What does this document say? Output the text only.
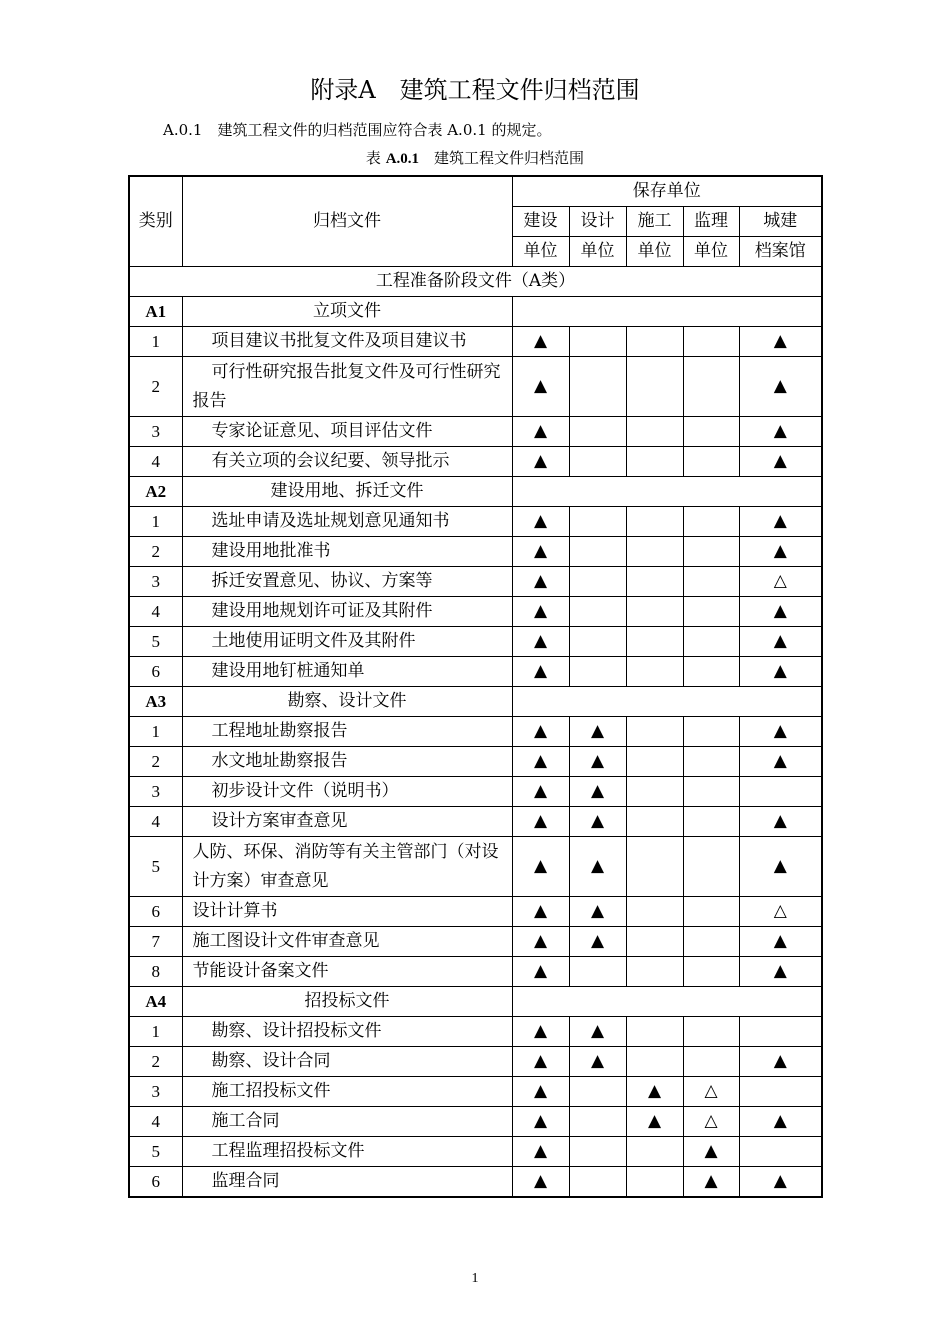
附录A　建筑工程文件归档范围
A.0.1　建筑工程文件的归档范围应符合表 A.0.1 的规定。
表 A.0.1　建筑工程文件归档范围
类别	归档文件	保存单位				
		建设	设计	施工	监理	城建
		单位	单位	单位	单位	档案馆
工程准备阶段文件（A类）						
A1	立项文件					
1	项目建议书批复文件及项目建议书	▲				▲
2	可行性研究报告批复文件及可行性研究报告	▲				▲
3	专家论证意见、项目评估文件	▲				▲
4	有关立项的会议纪要、领导批示	▲				▲
A2	建设用地、拆迁文件					
1	选址申请及选址规划意见通知书	▲				▲
2	建设用地批准书	▲				▲
3	拆迁安置意见、协议、方案等	▲				△
4	建设用地规划许可证及其附件	▲				▲
5	土地使用证明文件及其附件	▲				▲
6	建设用地钉桩通知单	▲				▲
A3	勘察、设计文件					
1	工程地址勘察报告	▲	▲			▲
2	水文地址勘察报告	▲	▲			▲
3	初步设计文件（说明书）	▲	▲			
4	设计方案审查意见	▲	▲			▲
5	人防、环保、消防等有关主管部门（对设计方案）审查意见	▲	▲			▲
6	设计计算书	▲	▲			△
7	施工图设计文件审查意见	▲	▲			▲
8	节能设计备案文件	▲				▲
A4	招投标文件					
1	勘察、设计招投标文件	▲	▲			
2	勘察、设计合同	▲	▲			▲
3	施工招投标文件	▲		▲	△	
4	施工合同	▲		▲	△	▲
5	工程监理招投标文件	▲			▲	
6	监理合同	▲			▲	▲
1
